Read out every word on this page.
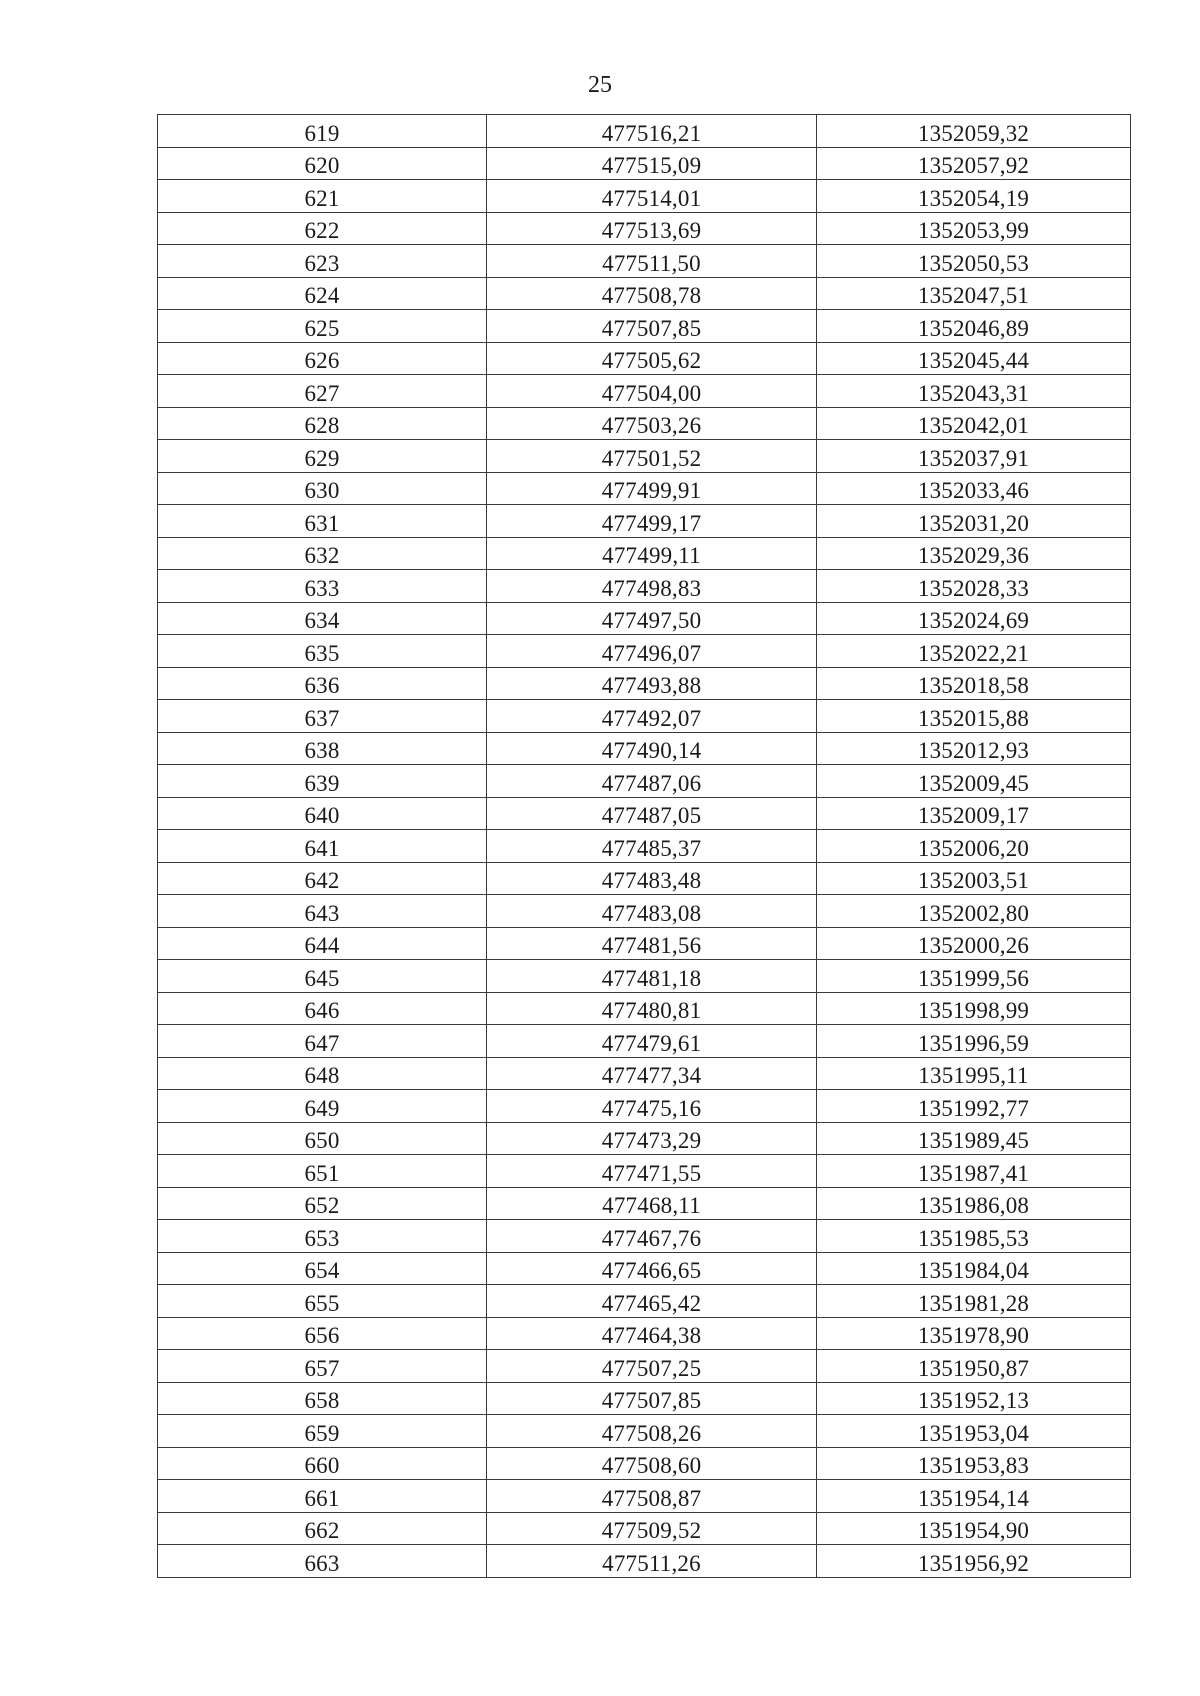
25
619	477516,21	1352059,32
620	477515,09	1352057,92
621	477514,01	1352054,19
622	477513,69	1352053,99
623	477511,50	1352050,53
624	477508,78	1352047,51
625	477507,85	1352046,89
626	477505,62	1352045,44
627	477504,00	1352043,31
628	477503,26	1352042,01
629	477501,52	1352037,91
630	477499,91	1352033,46
631	477499,17	1352031,20
632	477499,11	1352029,36
633	477498,83	1352028,33
634	477497,50	1352024,69
635	477496,07	1352022,21
636	477493,88	1352018,58
637	477492,07	1352015,88
638	477490,14	1352012,93
639	477487,06	1352009,45
640	477487,05	1352009,17
641	477485,37	1352006,20
642	477483,48	1352003,51
643	477483,08	1352002,80
644	477481,56	1352000,26
645	477481,18	1351999,56
646	477480,81	1351998,99
647	477479,61	1351996,59
648	477477,34	1351995,11
649	477475,16	1351992,77
650	477473,29	1351989,45
651	477471,55	1351987,41
652	477468,11	1351986,08
653	477467,76	1351985,53
654	477466,65	1351984,04
655	477465,42	1351981,28
656	477464,38	1351978,90
657	477507,25	1351950,87
658	477507,85	1351952,13
659	477508,26	1351953,04
660	477508,60	1351953,83
661	477508,87	1351954,14
662	477509,52	1351954,90
663	477511,26	1351956,92
